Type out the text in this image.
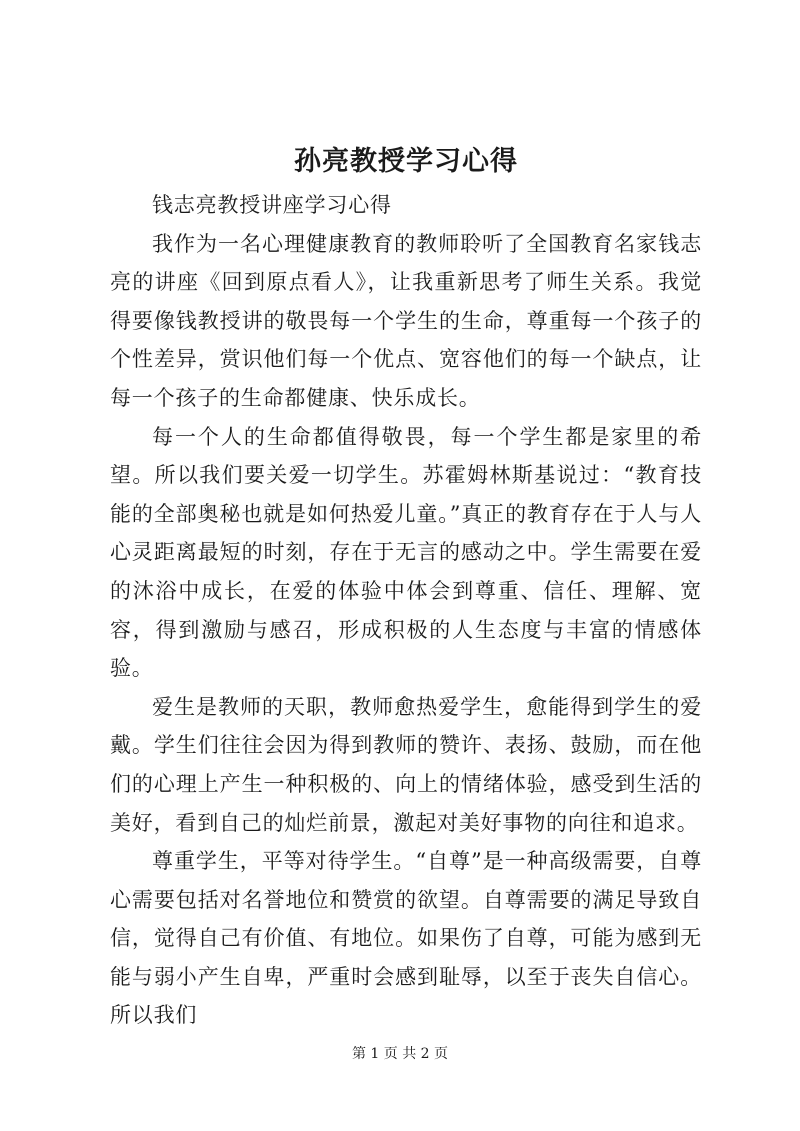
孙亮教授学习心得

钱志亮教授讲座学习心得

我作为一名心理健康教育的教师聆听了全国教育名家钱志亮的讲座《回到原点看人》，让我重新思考了师生关系。我觉得要像钱教授讲的敬畏每一个学生的生命，尊重每一个孩子的个性差异，赏识他们每一个优点、宽容他们的每一个缺点，让每一个孩子的生命都健康、快乐成长。

每一个人的生命都值得敬畏，每一个学生都是家里的希望。所以我们要关爱一切学生。苏霍姆林斯基说过：“教育技能的全部奥秘也就是如何热爱儿童。”真正的教育存在于人与人心灵距离最短的时刻，存在于无言的感动之中。学生需要在爱的沐浴中成长，在爱的体验中体会到尊重、信任、理解、宽容，得到激励与感召，形成积极的人生态度与丰富的情感体验。

爱生是教师的天职，教师愈热爱学生，愈能得到学生的爱戴。学生们往往会因为得到教师的赞许、表扬、鼓励，而在他们的心理上产生一种积极的、向上的情绪体验，感受到生活的美好，看到自己的灿烂前景，激起对美好事物的向往和追求。

尊重学生，平等对待学生。“自尊”是一种高级需要，自尊心需要包括对名誉地位和赞赏的欲望。自尊需要的满足导致自信，觉得自己有价值、有地位。如果伤了自尊，可能为感到无能与弱小产生自卑，严重时会感到耻辱，以至于丧失自信心。所以我们

第 1 页 共 2 页
